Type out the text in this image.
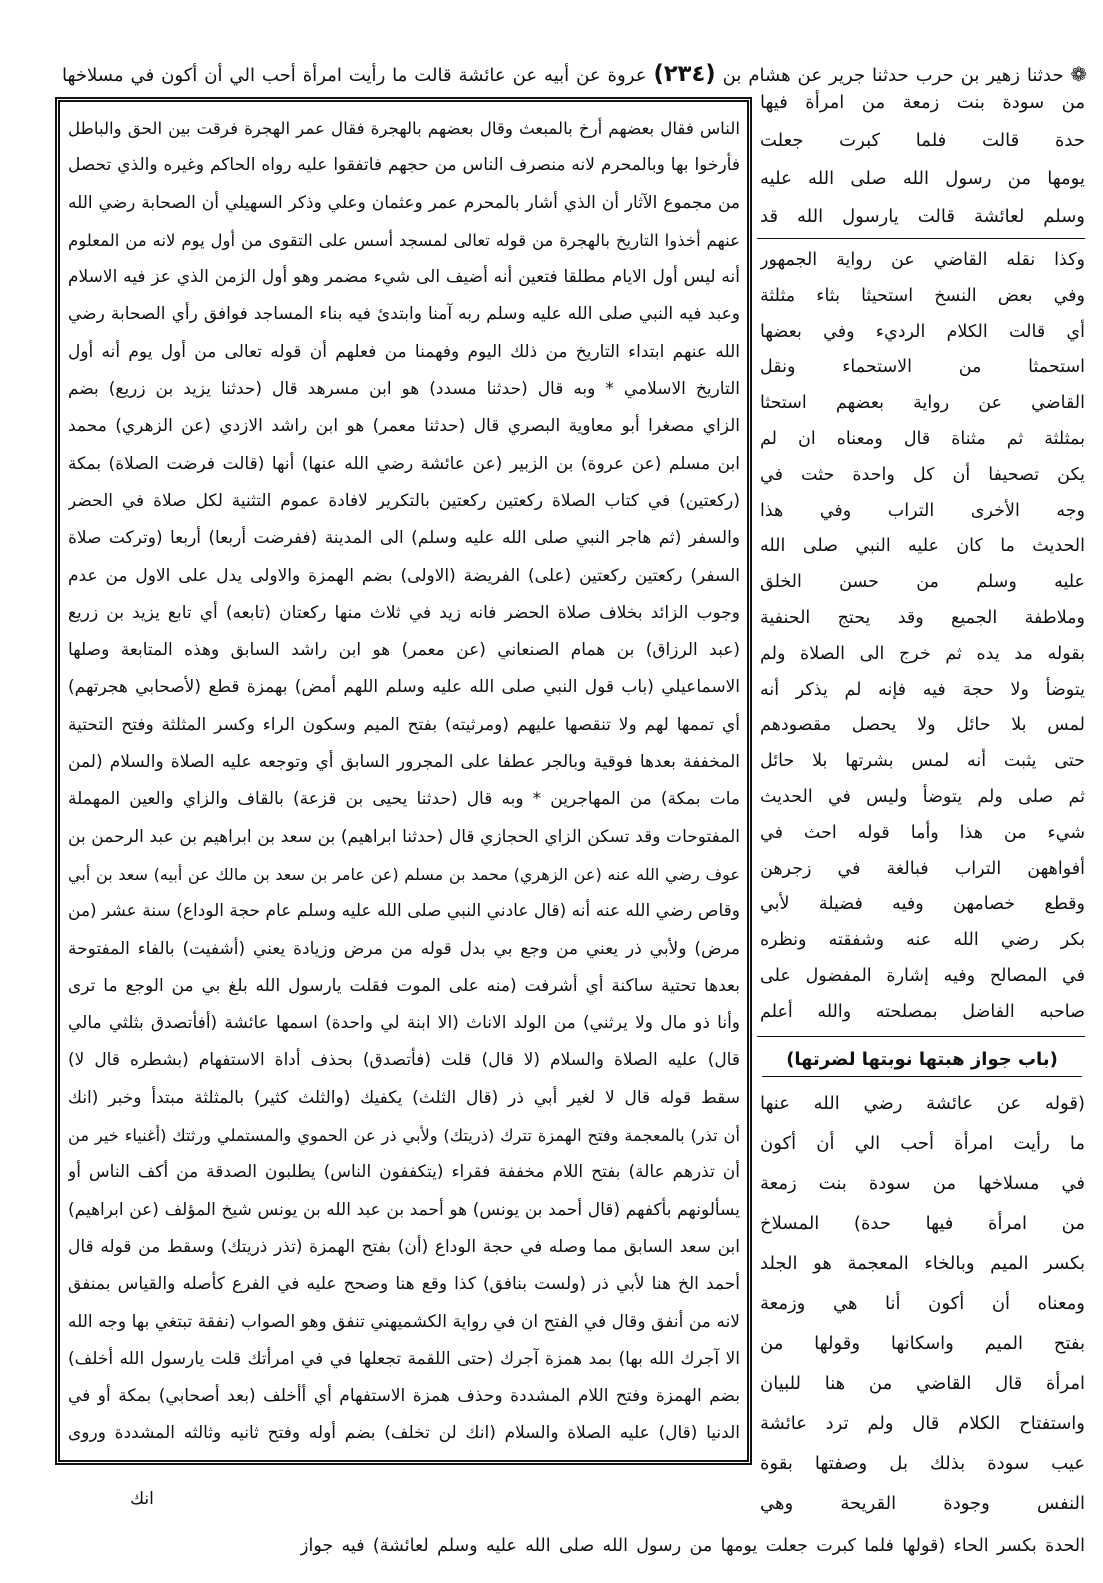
❁ حدثنا زهير بن حرب حدثنا جرير عن هشام بن (٢٣٤) عروة عن أبيه عن عائشة قالت ما رأيت امرأة أحب الي أن أكون في مسلاخها
الناس فقال بعضهم أرخ بالمبعث وقال بعضهم بالهجرة فقال عمر الهجرة فرقت بين الحق والباطل
فأرخوا بها وبالمحرم لانه منصرف الناس من حجهم فاتفقوا عليه رواه الحاكم وغيره والذي تحصل
من مجموع الآثار أن الذي أشار بالمحرم عمر وعثمان وعلي وذكر السهيلي أن الصحابة رضي الله
عنهم أخذوا التاريخ بالهجرة من قوله تعالى لمسجد أسس على التقوى من أول يوم لانه من المعلوم
أنه ليس أول الايام مطلقا فتعين أنه أضيف الى شيء مضمر وهو أول الزمن الذي عز فيه الاسلام
وعبد فيه النبي صلى الله عليه وسلم ربه آمنا وابتدئ فيه بناء المساجد فوافق رأي الصحابة رضي
الله عنهم ابتداء التاريخ من ذلك اليوم وفهمنا من فعلهم أن قوله تعالى من أول يوم أنه أول
التاريخ الاسلامي * وبه قال (حدثنا مسدد) هو ابن مسرهد قال (حدثنا يزيد بن زريع) بضم
الزاي مصغرا أبو معاوية البصري قال (حدثنا معمر) هو ابن راشد الازدي (عن الزهري) محمد
ابن مسلم (عن عروة) بن الزبير (عن عائشة رضي الله عنها) أنها (قالت فرضت الصلاة) بمكة
(ركعتين) في كتاب الصلاة ركعتين ركعتين بالتكرير لافادة عموم التثنية لكل صلاة في الحضر
والسفر (ثم هاجر النبي صلى الله عليه وسلم) الى المدينة (ففرضت أربعا) أربعا (وتركت صلاة
السفر) ركعتين ركعتين (على) الفريضة (الاولى) بضم الهمزة والاولى يدل على الاول من عدم
وجوب الزائد بخلاف صلاة الحضر فانه زيد في ثلاث منها ركعتان (تابعه) أي تابع يزيد بن زريع
(عبد الرزاق) بن همام الصنعاني (عن معمر) هو ابن راشد السابق وهذه المتابعة وصلها
الاسماعيلي (باب قول النبي صلى الله عليه وسلم اللهم أمض) بهمزة قطع (لأصحابي هجرتهم)
أي تممها لهم ولا تنقصها عليهم (ومرثيته) بفتح الميم وسكون الراء وكسر المثلثة وفتح التحتية
المخففة بعدها فوقية وبالجر عطفا على المجرور السابق أي وتوجعه عليه الصلاة والسلام (لمن
مات بمكة) من المهاجرين * وبه قال (حدثنا يحيى بن قزعة) بالقاف والزاي والعين المهملة
المفتوحات وقد تسكن الزاي الحجازي قال (حدثنا ابراهيم) بن سعد بن ابراهيم بن عبد الرحمن بن
عوف رضي الله عنه (عن الزهري) محمد بن مسلم (عن عامر بن سعد بن مالك عن أبيه) سعد بن أبي
وقاص رضي الله عنه أنه (قال عادني النبي صلى الله عليه وسلم عام حجة الوداع) سنة عشر (من
مرض) ولأبي ذر يعني من وجع بي بدل قوله من مرض وزيادة يعني (أشفيت) بالفاء المفتوحة
بعدها تحتية ساكنة أي أشرفت (منه على الموت فقلت يارسول الله بلغ بي من الوجع ما ترى
وأنا ذو مال ولا يرثني) من الولد الاناث (الا ابنة لي واحدة) اسمها عائشة (أفأتصدق بثلثي مالي
قال) عليه الصلاة والسلام (لا قال) قلت (فأتصدق) بحذف أداة الاستفهام (بشطره قال لا)
سقط قوله قال لا لغير أبي ذر (قال الثلث) يكفيك (والثلث كثير) بالمثلثة مبتدأ وخبر (انك
أن تذر) بالمعجمة وفتح الهمزة تترك (ذريتك) ولأبي ذر عن الحموي والمستملي ورثتك (أغنياء خير من
أن تذرهم عالة) بفتح اللام مخففة فقراء (يتكففون الناس) يطلبون الصدقة من أكف الناس أو
يسألونهم بأكفهم (قال أحمد بن يونس) هو أحمد بن عبد الله بن يونس شيخ المؤلف (عن ابراهيم)
ابن سعد السابق مما وصله في حجة الوداع (أن) بفتح الهمزة (تذر ذريتك) وسقط من قوله قال
أحمد الخ هنا لأبي ذر (ولست بنافق) كذا وقع هنا وصحح عليه في الفرع كأصله والقياس بمنفق
لانه من أنفق وقال في الفتح ان في رواية الكشميهني تنفق وهو الصواب (نفقة تبتغي بها وجه الله
الا آجرك الله بها) بمد همزة آجرك (حتى اللقمة تجعلها في في امرأتك قلت يارسول الله أخلف)
بضم الهمزة وفتح اللام المشددة وحذف همزة الاستفهام أي أأخلف (بعد أصحابي) بمكة أو في
الدنيا (قال) عليه الصلاة والسلام (انك لن تخلف) بضم أوله وفتح ثانيه وثالثه المشددة وروى
من سودة بنت زمعة من امرأة فيها
حدة قالت فلما كبرت جعلت
يومها من رسول الله صلى الله عليه
وسلم لعائشة قالت يارسول الله قد
وكذا نقله القاضي عن رواية الجمهور
وفي بعض النسخ استحيثا بثاء مثلثة
أي قالت الكلام الرديء وفي بعضها
استحمثا من الاستحماء ونقل
القاضي عن رواية بعضهم استحثا
بمثلثة ثم مثناة قال ومعناه ان لم
يكن تصحيفا أن كل واحدة حثت في
وجه الأخرى التراب وفي هذا
الحديث ما كان عليه النبي صلى الله
عليه وسلم من حسن الخلق
وملاطفة الجميع وقد يحتج الحنفية
بقوله مد يده ثم خرج الى الصلاة ولم
يتوضأ ولا حجة فيه فإنه لم يذكر أنه
لمس بلا حائل ولا يحصل مقصودهم
حتى يثبت أنه لمس بشرتها بلا حائل
ثم صلى ولم يتوضأ وليس في الحديث
شيء من هذا وأما قوله احث في
أفواههن التراب فبالغة في زجرهن
وقطع خصامهن وفيه فضيلة لأبي
بكر رضي الله عنه وشفقته ونظره
في المصالح وفيه إشارة المفضول على
صاحبه الفاضل بمصلحته والله أعلم
(باب جواز هبتها نوبتها لضرتها)
(قوله عن عائشة رضي الله عنها
ما رأيت امرأة أحب الي أن أكون
في مسلاخها من سودة بنت زمعة
من امرأة فيها حدة) المسلاخ
بكسر الميم وبالخاء المعجمة هو الجلد
ومعناه أن أكون أنا هي وزمعة
بفتح الميم واسكانها وقولها من
امرأة قال القاضي من هنا للبيان
واستفتاح الكلام قال ولم ترد عائشة
عيب سودة بذلك بل وصفتها بقوة
النفس وجودة القريحة وهي
انك
الحدة بكسر الحاء (قولها فلما كبرت جعلت يومها من رسول الله صلى الله عليه وسلم لعائشة) فيه جواز
